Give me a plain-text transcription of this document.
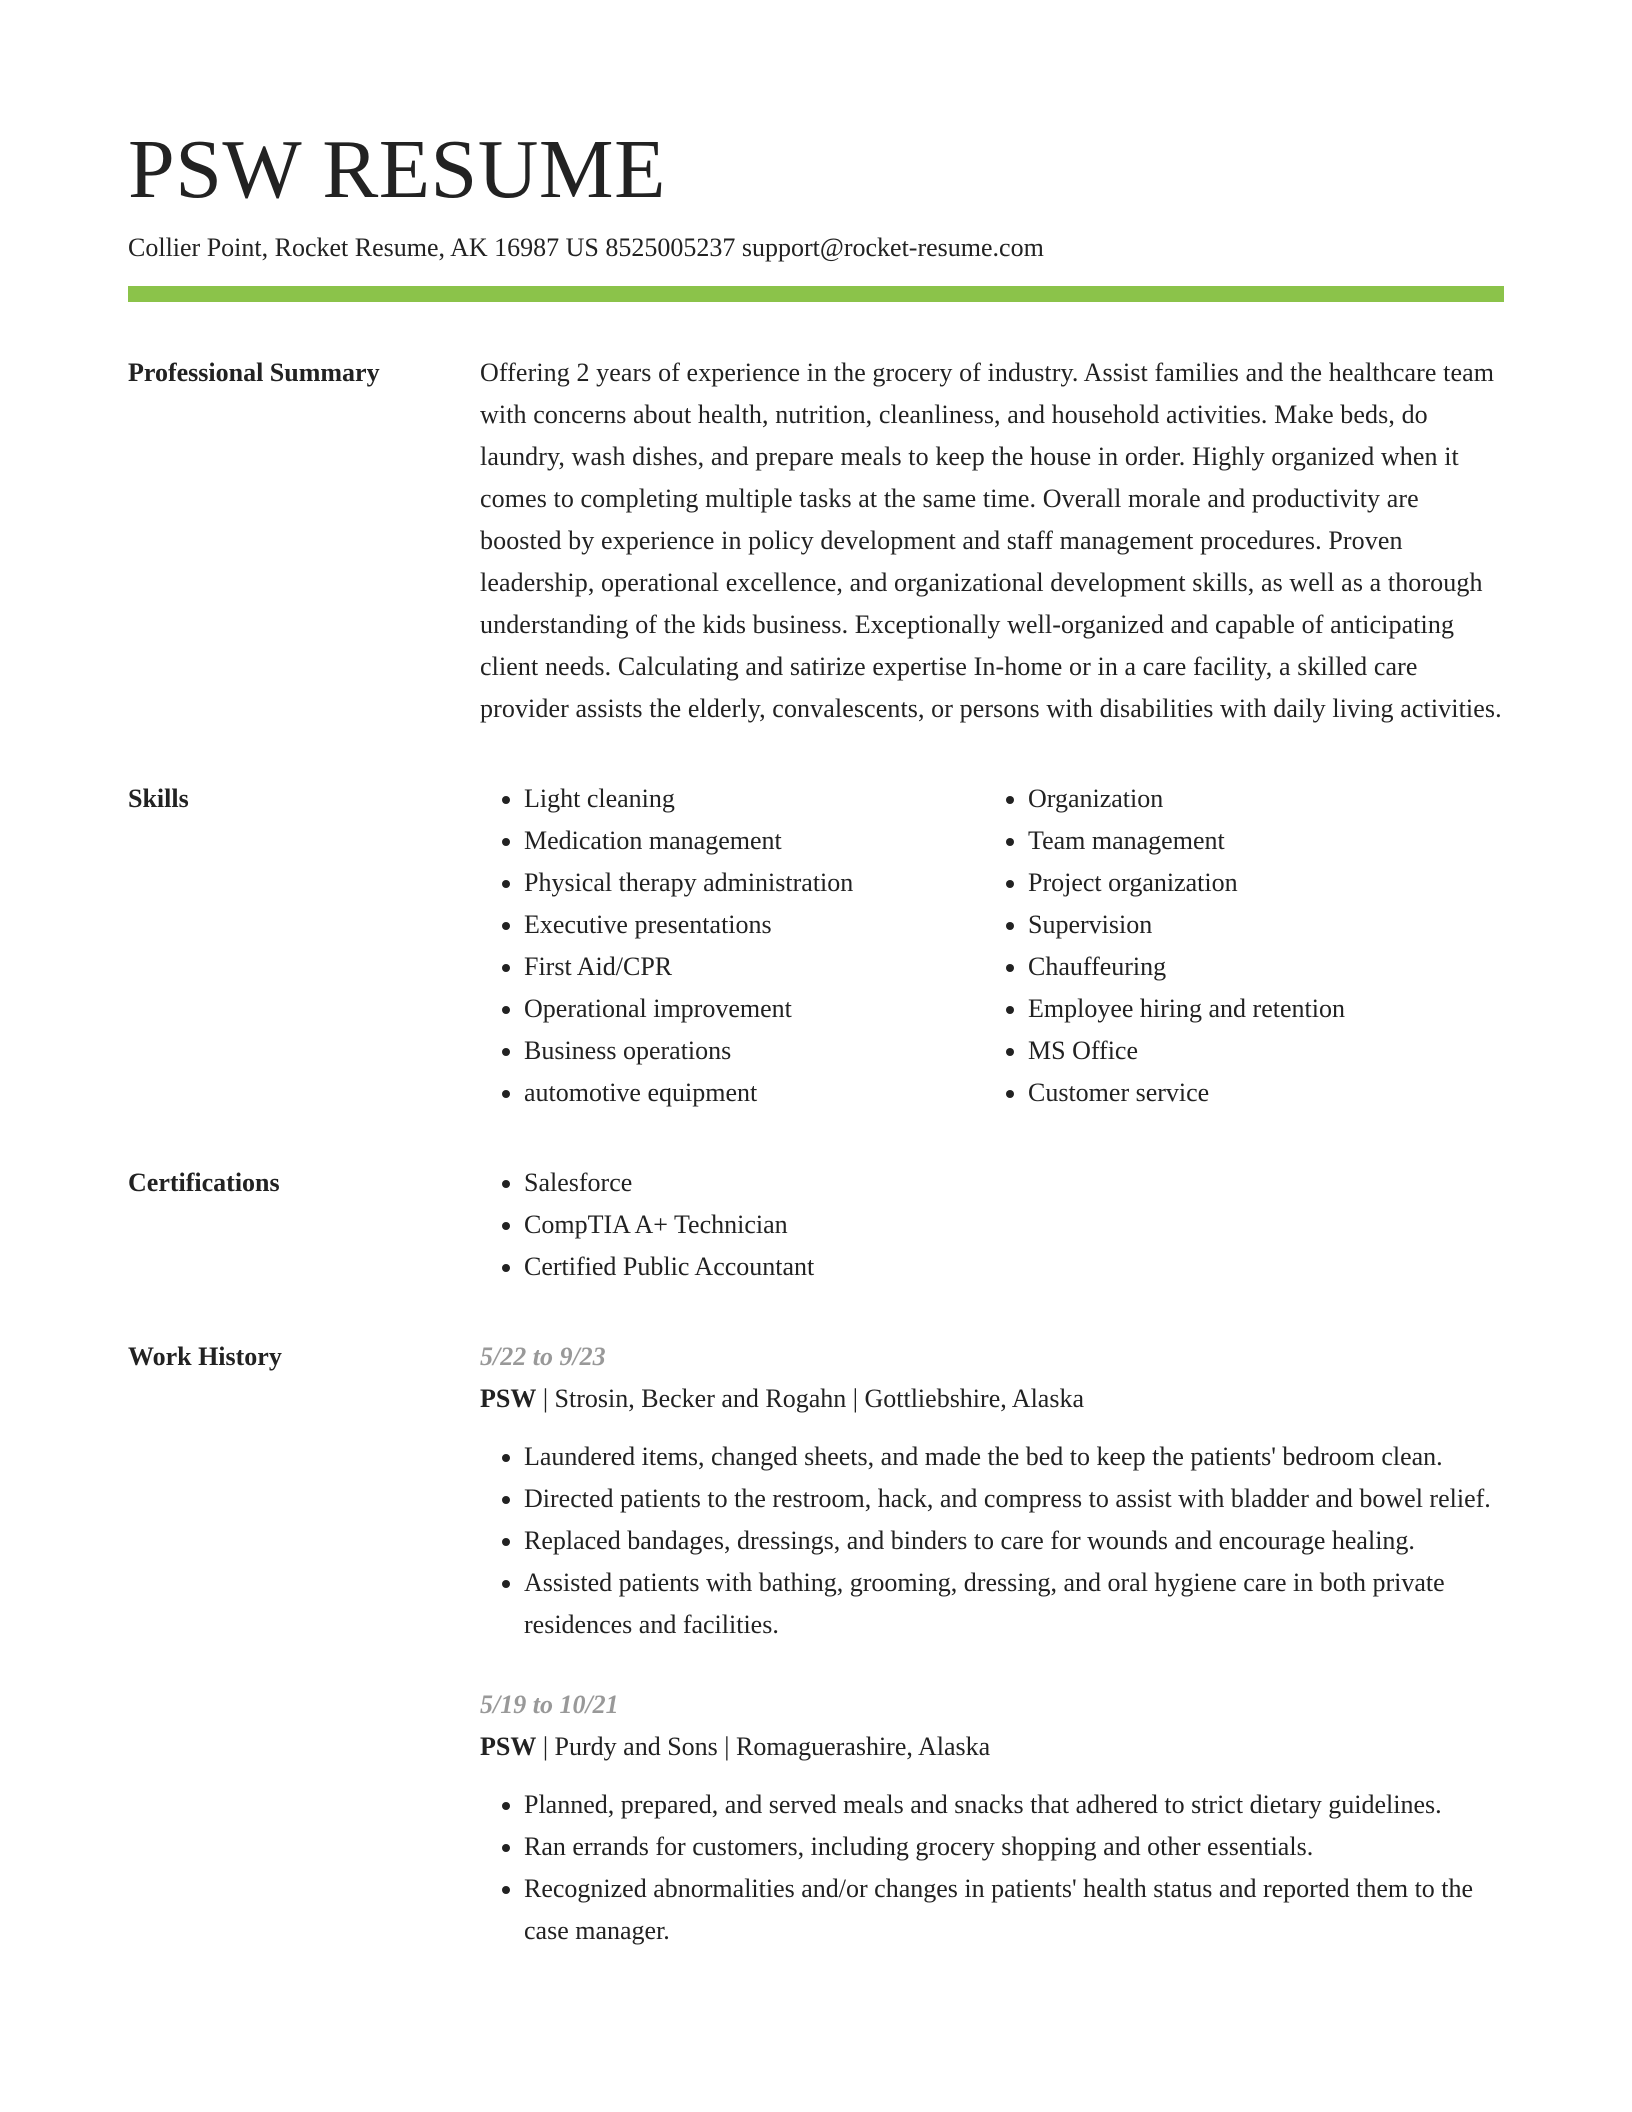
PSW RESUME
Collier Point, Rocket Resume, AK 16987 US 8525005237 support@rocket-resume.com
Professional Summary	Offering 2 years of experience in the grocery of industry. Assist families and the healthcare team with concerns about health, nutrition, cleanliness, and household activities. Make beds, do laundry, wash dishes, and prepare meals to keep the house in order. Highly organized when it comes to completing multiple tasks at the same time. Overall morale and productivity are boosted by experience in policy development and staff management procedures. Proven leadership, operational excellence, and organizational development skills, as well as a thorough understanding of the kids business. Exceptionally well-organized and capable of anticipating client needs. Calculating and satirize expertise In-home or in a care facility, a skilled care provider assists the elderly, convalescents, or persons with disabilities with daily living activities.

Skills	• Light cleaning
• Medication management
• Physical therapy administration
• Executive presentations
• First Aid/CPR
• Operational improvement
• Business operations
• automotive equipment
• Organization
• Team management
• Project organization
• Supervision
• Chauffeuring
• Employee hiring and retention
• MS Office
• Customer service
Certifications	• Salesforce
• CompTIA A+ Technician
• Certified Public Accountant
Work History	5/22 to 9/23
PSW | Strosin, Becker and Rogahn | Gottliebshire, Alaska
• Laundered items, changed sheets, and made the bed to keep the patients' bedroom clean.
• Directed patients to the restroom, hack, and compress to assist with bladder and bowel relief.
• Replaced bandages, dressings, and binders to care for wounds and encourage healing.
• Assisted patients with bathing, grooming, dressing, and oral hygiene care in both private residences and facilities.
5/19 to 10/21
PSW | Purdy and Sons | Romaguerashire, Alaska
• Planned, prepared, and served meals and snacks that adhered to strict dietary guidelines.
• Ran errands for customers, including grocery shopping and other essentials.
• Recognized abnormalities and/or changes in patients' health status and reported them to the case manager.
